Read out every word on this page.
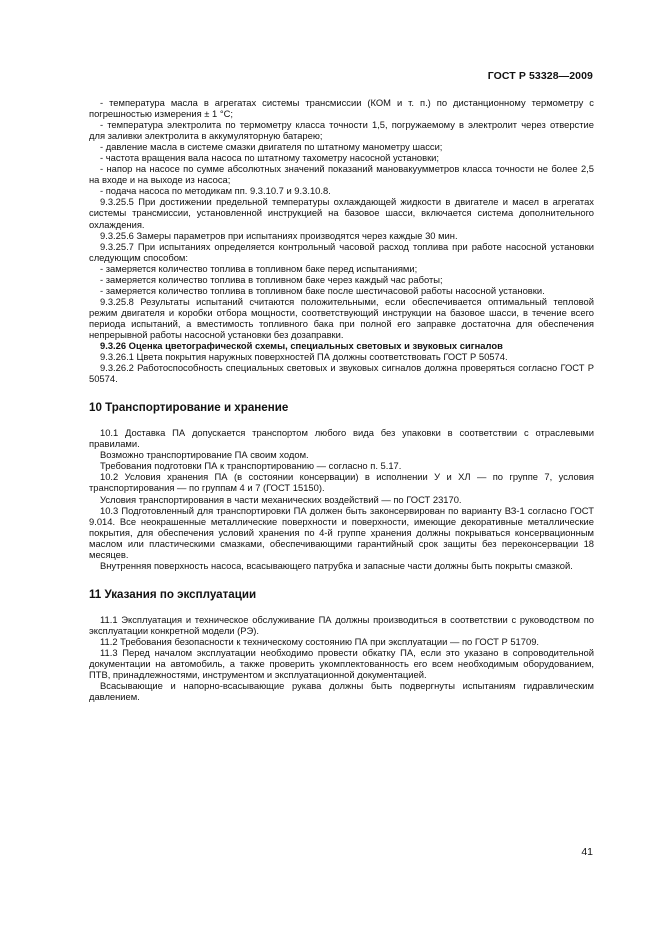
ГОСТ Р 53328—2009

- температура масла в агрегатах системы трансмиссии (КОМ и т. п.) по дистанционному термометру с погрешностью измерения ± 1 °С;

- температура электролита по термометру класса точности 1,5, погружаемому в электролит через отверстие для заливки электролита в аккумуляторную батарею;

- давление масла в системе смазки двигателя по штатному манометру шасси;

- частота вращения вала насоса по штатному тахометру насосной установки;

- напор на насосе по сумме абсолютных значений показаний мановакуумметров класса точности не более 2,5 на входе и на выходе из насоса;

- подача насоса по методикам пп. 9.3.10.7 и 9.3.10.8.

9.3.25.5 При достижении предельной температуры охлаждающей жидкости в двигателе и масел в агрегатах системы трансмиссии, установленной инструкцией на базовое шасси, включается система дополнительного охлаждения.

9.3.25.6 Замеры параметров при испытаниях производятся через каждые 30 мин.

9.3.25.7 При испытаниях определяется контрольный часовой расход топлива при работе насосной установки следующим способом:

- замеряется количество топлива в топливном баке перед испытаниями;

- замеряется количество топлива в топливном баке через каждый час работы;

- замеряется количество топлива в топливном баке после шестичасовой работы насосной установки.

9.3.25.8 Результаты испытаний считаются положительными, если обеспечивается оптимальный тепловой режим двигателя и коробки отбора мощности, соответствующий инструкции на базовое шасси, в течение всего периода испытаний, а вместимость топливного бака при полной его заправке достаточна для обеспечения непрерывной работы насосной установки без дозаправки.

9.3.26 Оценка цветографической схемы, специальных световых и звуковых сигналов

9.3.26.1 Цвета покрытия наружных поверхностей ПА должны соответствовать ГОСТ Р 50574.

9.3.26.2 Работоспособность специальных световых и звуковых сигналов должна проверяться согласно ГОСТ Р 50574.

10 Транспортирование и хранение

10.1 Доставка ПА допускается транспортом любого вида без упаковки в соответствии с отраслевыми правилами.

Возможно транспортирование ПА своим ходом.

Требования подготовки ПА к транспортированию — согласно п. 5.17.

10.2 Условия хранения ПА (в состоянии консервации) в исполнении У и ХЛ — по группе 7, условия транспортирования — по группам 4 и 7 (ГОСТ 15150).

Условия транспортирования в части механических воздействий — по ГОСТ 23170.

10.3 Подготовленный для транспортировки ПА должен быть законсервирован по варианту ВЗ-1 согласно ГОСТ 9.014. Все неокрашенные металлические поверхности и поверхности, имеющие декоративные металлические покрытия, для обеспечения условий хранения по 4-й группе хранения должны покрываться консервационным маслом или пластическими смазками, обеспечивающими гарантийный срок защиты без переконсервации 18 месяцев.

Внутренняя поверхность насоса, всасывающего патрубка и запасные части должны быть покрыты смазкой.

11 Указания по эксплуатации

11.1 Эксплуатация и техническое обслуживание ПА должны производиться в соответствии с руководством по эксплуатации конкретной модели (РЭ).

11.2 Требования безопасности к техническому состоянию ПА при эксплуатации — по ГОСТ Р 51709.

11.3 Перед началом эксплуатации необходимо провести обкатку ПА, если это указано в сопроводительной документации на автомобиль, а также проверить укомплектованность его всем необходимым оборудованием, ПТВ, принадлежностями, инструментом и эксплуатационной документацией.

Всасывающие и напорно-всасывающие рукава должны быть подвергнуты испытаниям гидравлическим давлением.

41
